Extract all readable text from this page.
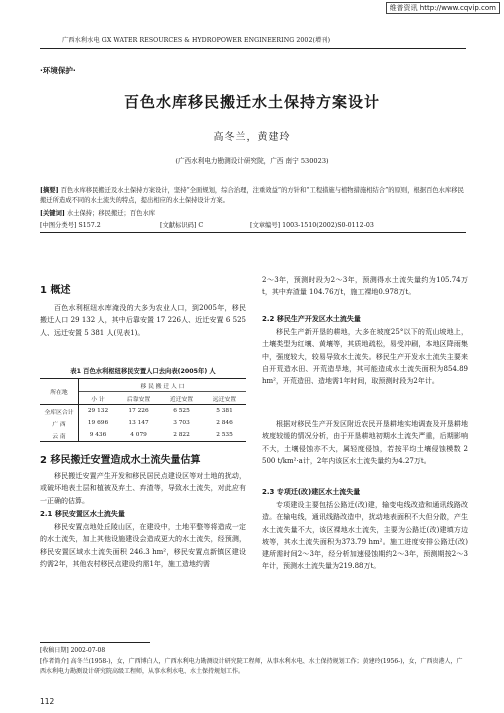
维普资讯 http://www.cqvip.com
广西水利水电 GX WATER RESOURCES & HYDROPOWER ENGINEERING 2002(增刊)
·环境保护·
百色水库移民搬迁水土保持方案设计
高冬兰，黄建玲
(广西水利电力勘测设计研究院，广西 南宁 530023)
[摘要] 百色水库移民搬迁及水土保持方案设计，坚持“全面规划，综合治理，注重效益”的方针和“工程措施与植物措施相结合”的原则，根据百色水库移民搬迁所造成不同的水土流失的特点，提出相应的水土保持设计方案。
[关键词] 水土保持；移民搬迁；百色水库
[中图分类号] S157.2	[文献标识码] C	[文章编号] 1003-1510(2002)S0-0112-03
1 概述

百色水利枢纽水库淹没的大多为农业人口，到2005年，移民搬迁人口 29 132 人，其中后靠安置 17 226人、近迁安置 6 525 人、远迁安置 5 381 人(见表1)。

表1 百色水利枢纽移民安置人口去向表(2005年) 人
所在地	移 民 搬 迁 人 口			
	小 计	后靠安置	近迁安置	远迁安置
全库区合计	29 132	17 226	6 525	5 381
广 西	19 696	13 147	3 703	2 846
云 南	9 436	4 079	2 822	2 535
2 移民搬迁安置造成水土流失量估算

移民搬迁安置产生开发和移民居民点建设区等对土地的扰动，或破坏地表土层和植被及弃土、弃渣等，导致水土流失，对此应有一正确的估算。

2.1 移民安置区水土流失量

移民安置点地处丘陵山区，在建设中，土地平整等将造成一定的水土流失，加上其他设施建设会造成更大的水土流失，经预测，移民安置区域水土流失面积 246.3 hm²，移民安置点新镇区建设约需2年，其他农村移民点建设约需1年，施工造地约需

2～3年，预测时段为2～3年，预测得水土流失量约为105.74万t，其中弃渣量 104.76万t，施工裸地0.978万t。

2.2 移民生产开发区水土流失量

移民生产新开垦的耕地，大多在坡度25°以下的荒山坡地上，土壤类型为红壤、黄壤等，其质地疏松，易受冲刷，本地区降雨集中，强度较大，较易导致水土流失。移民生产开发水土流失主要来自开荒造水田、开荒造旱地，其可能造成水土流失面积为854.89 hm²，开荒造田、造地需1年时间，取预测时段为2年计。

根据对移民生产开发区附近农民开垦耕地实地调查及开垦耕地坡度较缓的情况分析，由于开垦耕地初期水土流失严重，后期影响不大，土壤侵蚀亦不大，属轻度侵蚀，若按平均土壤侵蚀模数 2 500 t/km²·a计，2年内该区水土流失量约为4.27万t。

2.3 专项迁(改)建区水土流失量

专项建设主要包括公路迁(改)建，输变电线改造和通讯线路改造。在输电线，通讯线路改造中，扰动地表面积不大但分散，产生水土流失量不大，该区裸地水土流失，主要为公路迁(改)建填方边坡等，其水土流失面积为373.79 hm²。施工进度安排公路迁(改)建所需时间2～3年，经分析加速侵蚀期约2～3年，预测期按2～3年计，预测水土流失量为219.88万t。

[收稿日期] 2002-07-08
[作者简介] 高冬兰(1958-)，女，广西博白人，广西水利电力勘测设计研究院工程师，从事水利水电、水土保持规划工作；黄建玲(1956-)，女，广西贵港人，广西水利电力勘测设计研究院高级工程师，从事水利水电、水土保持规划工作。
112
